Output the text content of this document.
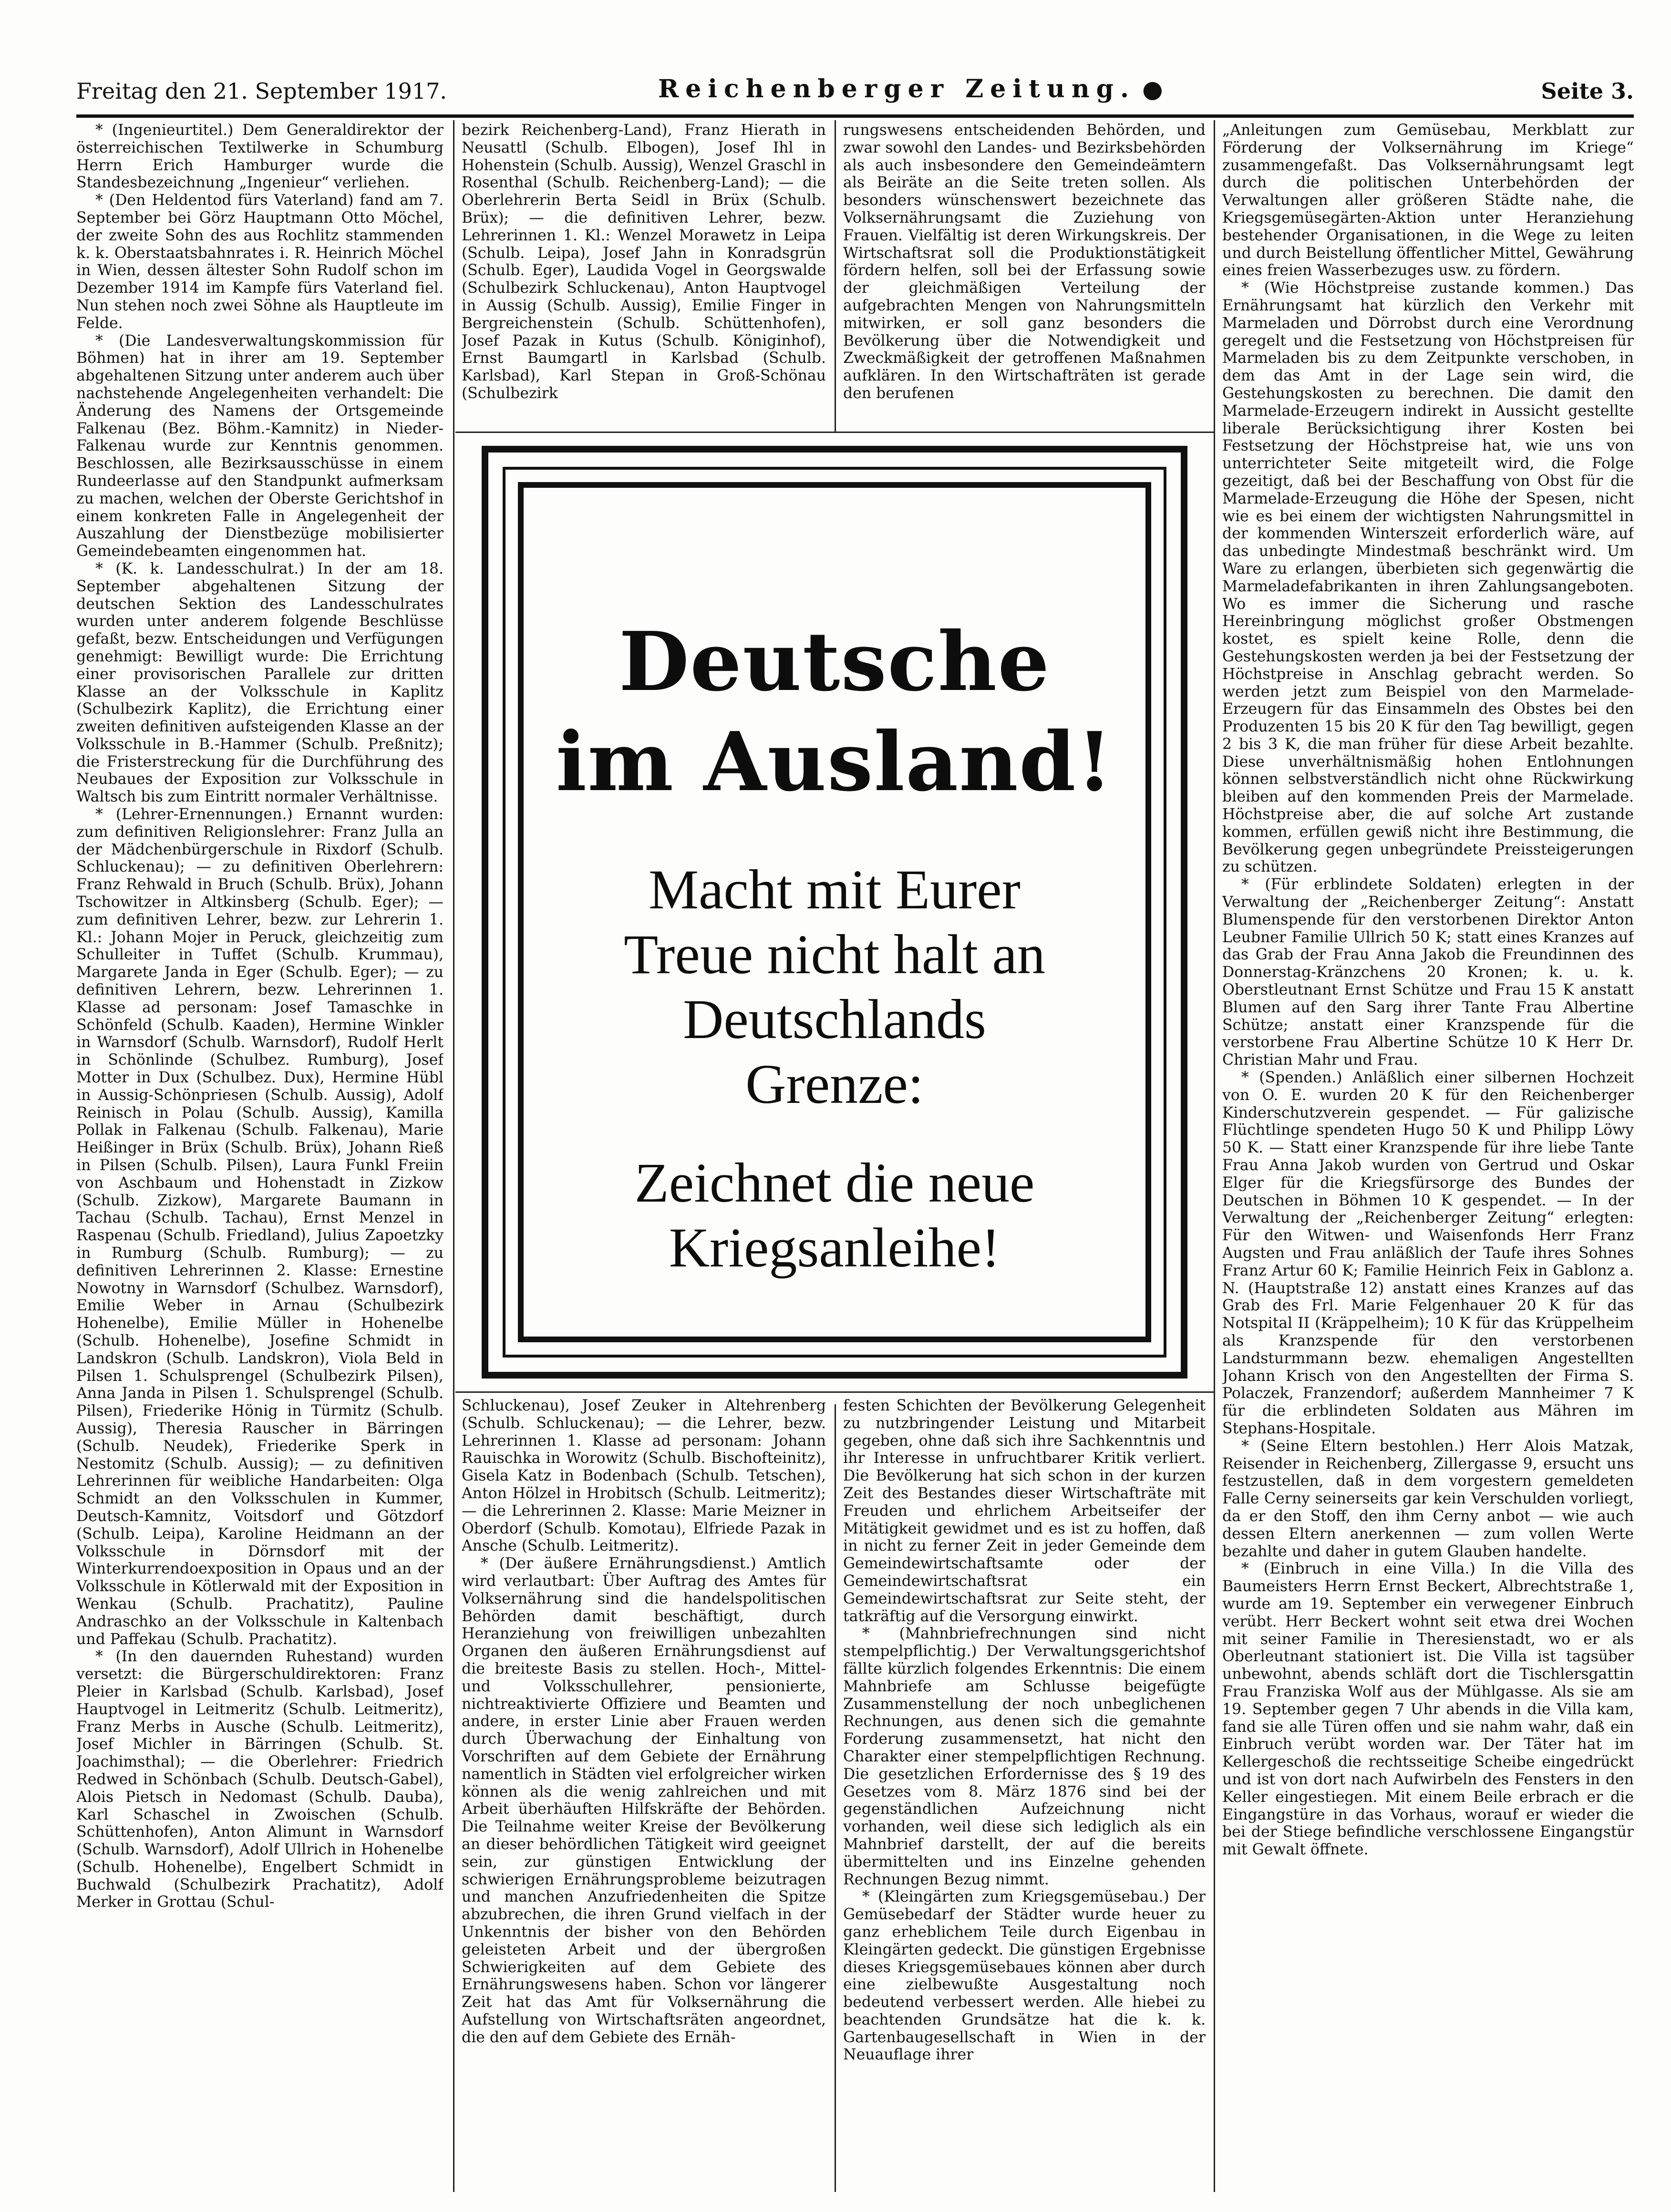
Freitag den 21. September 1917.	Reichenberger Zeitung. ●	Seite 3.

* (Ingenieurtitel.) Dem Generaldirektor der österreichischen Textilwerke in Schumburg Herrn Erich Hamburger wurde die Standesbezeichnung „Ingenieur“ verliehen.

* (Den Heldentod fürs Vaterland) fand am 7. September bei Görz Hauptmann Otto Möchel, der zweite Sohn des aus Rochlitz stammenden k. k. Oberstaatsbahnrates i. R. Heinrich Möchel in Wien, dessen ältester Sohn Rudolf schon im Dezember 1914 im Kampfe fürs Vaterland fiel. Nun stehen noch zwei Söhne als Hauptleute im Felde.

* (Die Landesverwaltungskommission für Böhmen) hat in ihrer am 19. September abgehaltenen Sitzung unter anderem auch über nachstehende Angelegenheiten verhandelt: Die Änderung des Namens der Ortsgemeinde Falkenau (Bez. Böhm.-Kamnitz) in Nieder-Falkenau wurde zur Kenntnis genommen. Beschlossen, alle Bezirksausschüsse in einem Rundeerlasse auf den Standpunkt aufmerksam zu machen, welchen der Oberste Gerichtshof in einem konkreten Falle in Angelegenheit der Auszahlung der Dienstbezüge mobilisierter Gemeindebeamten eingenommen hat.

* (K. k. Landesschulrat.) In der am 18. September abgehaltenen Sitzung der deutschen Sektion des Landesschulrates wurden unter anderem folgende Beschlüsse gefaßt, bezw. Entscheidungen und Verfügungen genehmigt: Bewilligt wurde: Die Errichtung einer provisorischen Parallele zur dritten Klasse an der Volksschule in Kaplitz (Schulbezirk Kaplitz), die Errichtung einer zweiten definitiven aufsteigenden Klasse an der Volksschule in B.-Hammer (Schulb. Preßnitz); die Fristerstreckung für die Durchführung des Neubaues der Exposition zur Volksschule in Waltsch bis zum Eintritt normaler Verhältnisse.

* (Lehrer-Ernennungen.) Ernannt wurden: zum definitiven Religionslehrer: Franz Julla an der Mädchenbürgerschule in Rixdorf (Schulb. Schluckenau); — zu definitiven Oberlehrern: Franz Rehwald in Bruch (Schulb. Brüx), Johann Tschowitzer in Altkinsberg (Schulb. Eger); — zum definitiven Lehrer, bezw. zur Lehrerin 1. Kl.: Johann Mojer in Peruck, gleichzeitig zum Schulleiter in Tuffet (Schulb. Krummau), Margarete Janda in Eger (Schulb. Eger); — zu definitiven Lehrern, bezw. Lehrerinnen 1. Klasse ad personam: Josef Tamaschke in Schönfeld (Schulb. Kaaden), Hermine Winkler in Warnsdorf (Schulb. Warnsdorf), Rudolf Herlt in Schönlinde (Schulbez. Rumburg), Josef Motter in Dux (Schulbez. Dux), Hermine Hübl in Aussig-Schönpriesen (Schulb. Aussig), Adolf Reinisch in Polau (Schulb. Aussig), Kamilla Pollak in Falkenau (Schulb. Falkenau), Marie Heißinger in Brüx (Schulb. Brüx), Johann Rieß in Pilsen (Schulb. Pilsen), Laura Funkl Freiin von Aschbaum und Hohenstadt in Zizkow (Schulb. Zizkow), Margarete Baumann in Tachau (Schulb. Tachau), Ernst Menzel in Raspenau (Schulb. Friedland), Julius Zapoetzky in Rumburg (Schulb. Rumburg); — zu definitiven Lehrerinnen 2. Klasse: Ernestine Nowotny in Warnsdorf (Schulbez. Warnsdorf), Emilie Weber in Arnau (Schulbezirk Hohenelbe), Emilie Müller in Hohenelbe (Schulb. Hohenelbe), Josefine Schmidt in Landskron (Schulb. Landskron), Viola Beld in Pilsen 1. Schulsprengel (Schulbezirk Pilsen), Anna Janda in Pilsen 1. Schulsprengel (Schulb. Pilsen), Friederike Hönig in Türmitz (Schulb. Aussig), Theresia Rauscher in Bärringen (Schulb. Neudek), Friederike Sperk in Nestomitz (Schulb. Aussig); — zu definitiven Lehrerinnen für weibliche Handarbeiten: Olga Schmidt an den Volksschulen in Kummer, Deutsch-Kamnitz, Voitsdorf und Götzdorf (Schulb. Leipa), Karoline Heidmann an der Volksschule in Dörnsdorf mit der Winterkurrendoexposition in Opaus und an der Volksschule in Kötlerwald mit der Exposition in Wenkau (Schulb. Prachatitz), Pauline Andraschko an der Volksschule in Kaltenbach und Paffekau (Schulb. Prachatitz).

* (In den dauernden Ruhestand) wurden versetzt: die Bürgerschuldirektoren: Franz Pleier in Karlsbad (Schulb. Karlsbad), Josef Hauptvogel in Leitmeritz (Schulb. Leitmeritz), Franz Merbs in Ausche (Schulb. Leitmeritz), Josef Michler in Bärringen (Schulb. St. Joachimsthal); — die Oberlehrer: Friedrich Redwed in Schönbach (Schulb. Deutsch-Gabel), Alois Pietsch in Nedomast (Schulb. Dauba), Karl Schaschel in Zwoischen (Schulb. Schüttenhofen), Anton Alimunt in Warnsdorf (Schulb. Warnsdorf), Adolf Ullrich in Hohenelbe (Schulb. Hohenelbe), Engelbert Schmidt in Buchwald (Schulbezirk Prachatitz), Adolf Merker in Grottau (Schul-

bezirk Reichenberg-Land), Franz Hierath in Neusattl (Schulb. Elbogen), Josef Ihl in Hohenstein (Schulb. Aussig), Wenzel Graschl in Rosenthal (Schulb. Reichenberg-Land); — die Oberlehrerin Berta Seidl in Brüx (Schulb. Brüx); — die definitiven Lehrer, bezw. Lehrerinnen 1. Kl.: Wenzel Morawetz in Leipa (Schulb. Leipa), Josef Jahn in Konradsgrün (Schulb. Eger), Laudida Vogel in Georgswalde (Schulbezirk Schluckenau), Anton Hauptvogel in Aussig (Schulb. Aussig), Emilie Finger in Bergreichenstein (Schulb. Schüttenhofen), Josef Pazak in Kutus (Schulb. Königinhof), Ernst Baumgartl in Karlsbad (Schulb. Karlsbad), Karl Stepan in Groß-Schönau (Schulbezirk

rungswesens entscheidenden Behörden, und zwar sowohl den Landes- und Bezirksbehörden als auch insbesondere den Gemeindeämtern als Beiräte an die Seite treten sollen. Als besonders wünschenswert bezeichnete das Volksernährungsamt die Zuziehung von Frauen. Vielfältig ist deren Wirkungskreis. Der Wirtschaftsrat soll die Produktionstätigkeit fördern helfen, soll bei der Erfassung sowie der gleichmäßigen Verteilung der aufgebrachten Mengen von Nahrungsmitteln mitwirken, er soll ganz besonders die Bevölkerung über die Notwendigkeit und Zweckmäßigkeit der getroffenen Maßnahmen aufklären. In den Wirtschafträten ist gerade den berufenen

Deutsche
im Ausland!
Macht mit Eurer
Treue nicht halt an
Deutschlands
Grenze:
Zeichnet die neue
Kriegsanleihe!

Schluckenau), Josef Zeuker in Altehrenberg (Schulb. Schluckenau); — die Lehrer, bezw. Lehrerinnen 1. Klasse ad personam: Johann Rauischka in Worowitz (Schulb. Bischofteinitz), Gisela Katz in Bodenbach (Schulb. Tetschen), Anton Hölzel in Hrobitsch (Schulb. Leitmeritz); — die Lehrerinnen 2. Klasse: Marie Meizner in Oberdorf (Schulb. Komotau), Elfriede Pazak in Ansche (Schulb. Leitmeritz).

* (Der äußere Ernährungsdienst.) Amtlich wird verlautbart: Über Auftrag des Amtes für Volksernährung sind die handelspolitischen Behörden damit beschäftigt, durch Heranziehung von freiwilligen unbezahlten Organen den äußeren Ernährungsdienst auf die breiteste Basis zu stellen. Hoch-, Mittel- und Volksschullehrer, pensionierte, nichtreaktivierte Offiziere und Beamten und andere, in erster Linie aber Frauen werden durch Überwachung der Einhaltung von Vorschriften auf dem Gebiete der Ernährung namentlich in Städten viel erfolgreicher wirken können als die wenig zahlreichen und mit Arbeit überhäuften Hilfskräfte der Behörden. Die Teilnahme weiter Kreise der Bevölkerung an dieser behördlichen Tätigkeit wird geeignet sein, zur günstigen Entwicklung der schwierigen Ernährungsprobleme beizutragen und manchen Anzufriedenheiten die Spitze abzubrechen, die ihren Grund vielfach in der Unkenntnis der bisher von den Behörden geleisteten Arbeit und der übergroßen Schwierigkeiten auf dem Gebiete des Ernährungswesens haben. Schon vor längerer Zeit hat das Amt für Volksernährung die Aufstellung von Wirtschaftsräten angeordnet, die den auf dem Gebiete des Ernäh-

festen Schichten der Bevölkerung Gelegenheit zu nutzbringender Leistung und Mitarbeit gegeben, ohne daß sich ihre Sachkenntnis und ihr Interesse in unfruchtbarer Kritik verliert. Die Bevölkerung hat sich schon in der kurzen Zeit des Bestandes dieser Wirtschafträte mit Freuden und ehrlichem Arbeitseifer der Mitätigkeit gewidmet und es ist zu hoffen, daß in nicht zu ferner Zeit in jeder Gemeinde dem Gemeindewirtschaftsamte oder der Gemeindewirtschaftsrat ein Gemeindewirtschaftsrat zur Seite steht, der tatkräftig auf die Versorgung einwirkt.

* (Mahnbriefrechnungen sind nicht stempelpflichtig.) Der Verwaltungsgerichtshof fällte kürzlich folgendes Erkenntnis: Die einem Mahnbriefe am Schlusse beigefügte Zusammenstellung der noch unbeglichenen Rechnungen, aus denen sich die gemahnte Forderung zusammensetzt, hat nicht den Charakter einer stempelpflichtigen Rechnung. Die gesetzlichen Erfordernisse des § 19 des Gesetzes vom 8. März 1876 sind bei der gegenständlichen Aufzeichnung nicht vorhanden, weil diese sich lediglich als ein Mahnbrief darstellt, der auf die bereits übermittelten und ins Einzelne gehenden Rechnungen Bezug nimmt.

* (Kleingärten zum Kriegsgemüsebau.) Der Gemüsebedarf der Städter wurde heuer zu ganz erheblichem Teile durch Eigenbau in Kleingärten gedeckt. Die günstigen Ergebnisse dieses Kriegsgemüsebaues können aber durch eine zielbewußte Ausgestaltung noch bedeutend verbessert werden. Alle hiebei zu beachtenden Grundsätze hat die k. k. Gartenbaugesellschaft in Wien in der Neuauflage ihrer

„Anleitungen zum Gemüsebau, Merkblatt zur Förderung der Volksernährung im Kriege“ zusammengefaßt. Das Volksernährungsamt legt durch die politischen Unterbehörden der Verwaltungen aller größeren Städte nahe, die Kriegsgemüsegärten-Aktion unter Heranziehung bestehender Organisationen, in die Wege zu leiten und durch Beistellung öffentlicher Mittel, Gewährung eines freien Wasserbezuges usw. zu fördern.

* (Wie Höchstpreise zustande kommen.) Das Ernährungsamt hat kürzlich den Verkehr mit Marmeladen und Dörrobst durch eine Verordnung geregelt und die Festsetzung von Höchstpreisen für Marmeladen bis zu dem Zeitpunkte verschoben, in dem das Amt in der Lage sein wird, die Gestehungskosten zu berechnen. Die damit den Marmelade-Erzeugern indirekt in Aussicht gestellte liberale Berücksichtigung ihrer Kosten bei Festsetzung der Höchstpreise hat, wie uns von unterrichteter Seite mitgeteilt wird, die Folge gezeitigt, daß bei der Beschaffung von Obst für die Marmelade-Erzeugung die Höhe der Spesen, nicht wie es bei einem der wichtigsten Nahrungsmittel in der kommenden Winterszeit erforderlich wäre, auf das unbedingte Mindestmaß beschränkt wird. Um Ware zu erlangen, überbieten sich gegenwärtig die Marmeladefabrikanten in ihren Zahlungsangeboten. Wo es immer die Sicherung und rasche Hereinbringung möglichst großer Obstmengen kostet, es spielt keine Rolle, denn die Gestehungskosten werden ja bei der Festsetzung der Höchstpreise in Anschlag gebracht werden. So werden jetzt zum Beispiel von den Marmelade-Erzeugern für das Einsammeln des Obstes bei den Produzenten 15 bis 20 K für den Tag bewilligt, gegen 2 bis 3 K, die man früher für diese Arbeit bezahlte. Diese unverhältnismäßig hohen Entlohnungen können selbstverständlich nicht ohne Rückwirkung bleiben auf den kommenden Preis der Marmelade. Höchstpreise aber, die auf solche Art zustande kommen, erfüllen gewiß nicht ihre Bestimmung, die Bevölkerung gegen unbegründete Preissteigerungen zu schützen.

* (Für erblindete Soldaten) erlegten in der Verwaltung der „Reichenberger Zeitung“: Anstatt Blumenspende für den verstorbenen Direktor Anton Leubner Familie Ullrich 50 K; statt eines Kranzes auf das Grab der Frau Anna Jakob die Freundinnen des Donnerstag-Kränzchens 20 Kronen; k. u. k. Oberstleutnant Ernst Schütze und Frau 15 K anstatt Blumen auf den Sarg ihrer Tante Frau Albertine Schütze; anstatt einer Kranzspende für die verstorbene Frau Albertine Schütze 10 K Herr Dr. Christian Mahr und Frau.

* (Spenden.) Anläßlich einer silbernen Hochzeit von O. E. wurden 20 K für den Reichenberger Kinderschutzverein gespendet. — Für galizische Flüchtlinge spendeten Hugo 50 K und Philipp Löwy 50 K. — Statt einer Kranzspende für ihre liebe Tante Frau Anna Jakob wurden von Gertrud und Oskar Elger für die Kriegsfürsorge des Bundes der Deutschen in Böhmen 10 K gespendet. — In der Verwaltung der „Reichenberger Zeitung“ erlegten: Für den Witwen- und Waisenfonds Herr Franz Augsten und Frau anläßlich der Taufe ihres Sohnes Franz Artur 60 K; Familie Heinrich Feix in Gablonz a. N. (Hauptstraße 12) anstatt eines Kranzes auf das Grab des Frl. Marie Felgenhauer 20 K für das Notspital II (Kräppelheim); 10 K für das Krüppelheim als Kranzspende für den verstorbenen Landsturmmann bezw. ehemaligen Angestellten Johann Krisch von den Angestellten der Firma S. Polaczek, Franzendorf; außerdem Mannheimer 7 K für die erblindeten Soldaten aus Mähren im Stephans-Hospitale.

* (Seine Eltern bestohlen.) Herr Alois Matzak, Reisender in Reichenberg, Zillergasse 9, ersucht uns festzustellen, daß in dem vorgestern gemeldeten Falle Cerny seinerseits gar kein Verschulden vorliegt, da er den Stoff, den ihm Cerny anbot — wie auch dessen Eltern anerkennen — zum vollen Werte bezahlte und daher in gutem Glauben handelte.

* (Einbruch in eine Villa.) In die Villa des Baumeisters Herrn Ernst Beckert, Albrechtstraße 1, wurde am 19. September ein verwegener Einbruch verübt. Herr Beckert wohnt seit etwa drei Wochen mit seiner Familie in Theresienstadt, wo er als Oberleutnant stationiert ist. Die Villa ist tagsüber unbewohnt, abends schläft dort die Tischlersgattin Frau Franziska Wolf aus der Mühlgasse. Als sie am 19. September gegen 7 Uhr abends in die Villa kam, fand sie alle Türen offen und sie nahm wahr, daß ein Einbruch verübt worden war. Der Täter hat im Kellergeschoß die rechtsseitige Scheibe eingedrückt und ist von dort nach Aufwirbeln des Fensters in den Keller eingestiegen. Mit einem Beile erbrach er die Eingangstüre in das Vorhaus, worauf er wieder die bei der Stiege befindliche verschlossene Eingangstür mit Gewalt öffnete.
